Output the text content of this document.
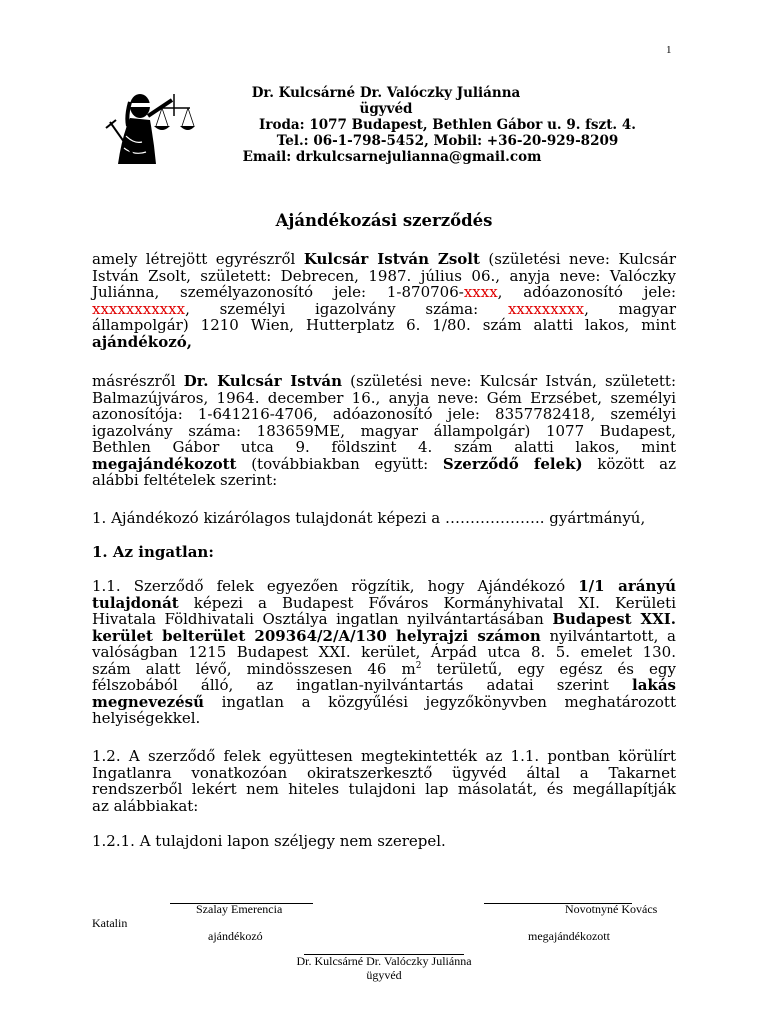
1
Dr. Kulcsárné Dr. Valóczky Juliánna
ügyvéd
Iroda: 1077 Budapest, Bethlen Gábor u. 9. fszt. 4.
Tel.: 06-1-798-5452, Mobil: +36-20-929-8209
Email: drkulcsarnejulianna@gmail.com
Ajándékozási szerződés
amely létrejött egyrészről Kulcsár István Zsolt (születési neve: Kulcsár
István Zsolt, született: Debrecen, 1987. július 06., anyja neve: Valóczky
Juliánna, személyazonosító jele: 1-870706-xxxx, adóazonosító jele:
xxxxxxxxxxx, személyi igazolvány száma: xxxxxxxxx, magyar
állampolgár) 1210 Wien, Hutterplatz 6. 1/80. szám alatti lakos, mint
ajándékozó,
másrészről Dr. Kulcsár István (születési neve: Kulcsár István, született:
Balmazújváros, 1964. december 16., anyja neve: Gém Erzsébet, személyi
azonosítója: 1-641216-4706, adóazonosító jele: 8357782418, személyi
igazolvány száma: 183659ME, magyar állampolgár) 1077 Budapest,
Bethlen Gábor utca 9. földszint 4. szám alatti lakos, mint
megajándékozott (továbbiakban együtt: Szerződő felek) között az
alábbi feltételek szerint:
1. Ajándékozó kizárólagos tulajdonát képezi a ……………….. gyártmányú,
1. Az ingatlan:
1.1. Szerződő felek egyezően rögzítik, hogy Ajándékozó 1/1 arányú
tulajdonát képezi a Budapest Főváros Kormányhivatal XI. Kerületi
Hivatala Földhivatali Osztálya ingatlan nyilvántartásában Budapest XXI.
kerület belterület 209364/2/A/130 helyrajzi számon nyilvántartott, a
valóságban 1215 Budapest XXI. kerület, Árpád utca 8. 5. emelet 130.
szám alatt lévő, mindösszesen 46 $m^2$ területű, egy egész és egy
félszobából álló, az ingatlan-nyilvántartás adatai szerint lakás
megnevezésű ingatlan a közgyűlési jegyzőkönyvben meghatározott
helyiségekkel.
1.2. A szerződő felek együttesen megtekintették az 1.1. pontban körülírt
Ingatlanra vonatkozóan okiratszerkesztő ügyvéd által a Takarnet
rendszerből lekért nem hiteles tulajdoni lap másolatát, és megállapítják
az alábbiakat:
1.2.1. A tulajdoni lapon széljegy nem szerepel.
Szalay Emerencia	Novotnyné Kovács
Katalin
ajándékozó	megajándékozott
Dr. Kulcsárné Dr. Valóczky Juliánna
ügyvéd
